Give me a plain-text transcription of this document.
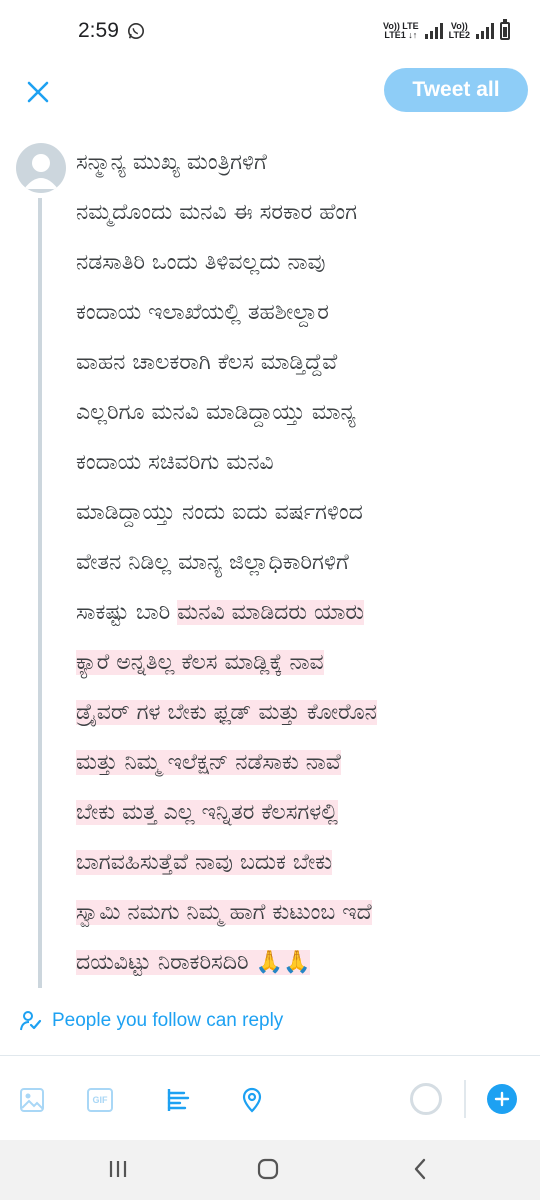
2:59	Vo)) LTE
LTE1 ↓↑
Vo))
LTE2
Tweet all
ಸನ್ಮಾನ್ಯ ಮುಖ್ಯ ಮಂತ್ರಿಗಳಿಗೆ
ನಮ್ಮದೊಂದು ಮನವಿ ಈ ಸರಕಾರ ಹೆಂಗ
ನಡಸಾತಿರಿ ಒಂದು ತಿಳಿವಲ್ಲದು ನಾವು
ಕಂದಾಯ ಇಲಾಖೆಯಲ್ಲಿ ತಹಶೀಲ್ದಾರ
ವಾಹನ ಚಾಲಕರಾಗಿ ಕೆಲಸ ಮಾಡ್ತಿದ್ದೆವೆ
ಎಲ್ಲರಿಗೂ ಮನವಿ ಮಾಡಿದ್ದಾಯ್ತು ಮಾನ್ಯ
ಕಂದಾಯ ಸಚಿವರಿಗು ಮನವಿ
ಮಾಡಿದ್ದಾಯ್ತು ನಂದು ಐದು ವರ್ಷಗಳಿಂದ
ವೇತನ ನಿಡಿಲ್ಲ ಮಾನ್ಯ ಜಿಲ್ಲಾಧಿಕಾರಿಗಳಿಗೆ
ಸಾಕಷ್ಟು ಬಾರಿ ಮನವಿ ಮಾಡಿದರು ಯಾರು
ಕ್ಯಾರೆ ಅನ್ನತಿಲ್ಲ ಕೆಲಸ ಮಾಡ್ಲಿಕ್ಕೆ ನಾವ
ಡ್ರೈವರ್ ಗಳ ಬೇಕು ಫ್ಲಡ್ ಮತ್ತು ಕೋರೊನ
ಮತ್ತು ನಿಮ್ಮ ಇಲೆಕ್ಷನ್ ನಡೆಸಾಕು ನಾವೆ
ಬೇಕು ಮತ್ತ ಎಲ್ಲ ಇನ್ನಿತರ ಕೆಲಸಗಳಲ್ಲಿ
ಬಾಗವಹಿಸುತ್ತೆವೆ ನಾವು ಬದುಕ ಬೇಕು
ಸ್ವಾಮಿ ನಮಗು ನಿಮ್ಮ ಹಾಗೆ ಕುಟುಂಬ ಇದೆ
ದಯವಿಟ್ಟು ನಿರಾಕರಿಸದಿರಿ 🙏🙏
People you follow can reply
GIF
